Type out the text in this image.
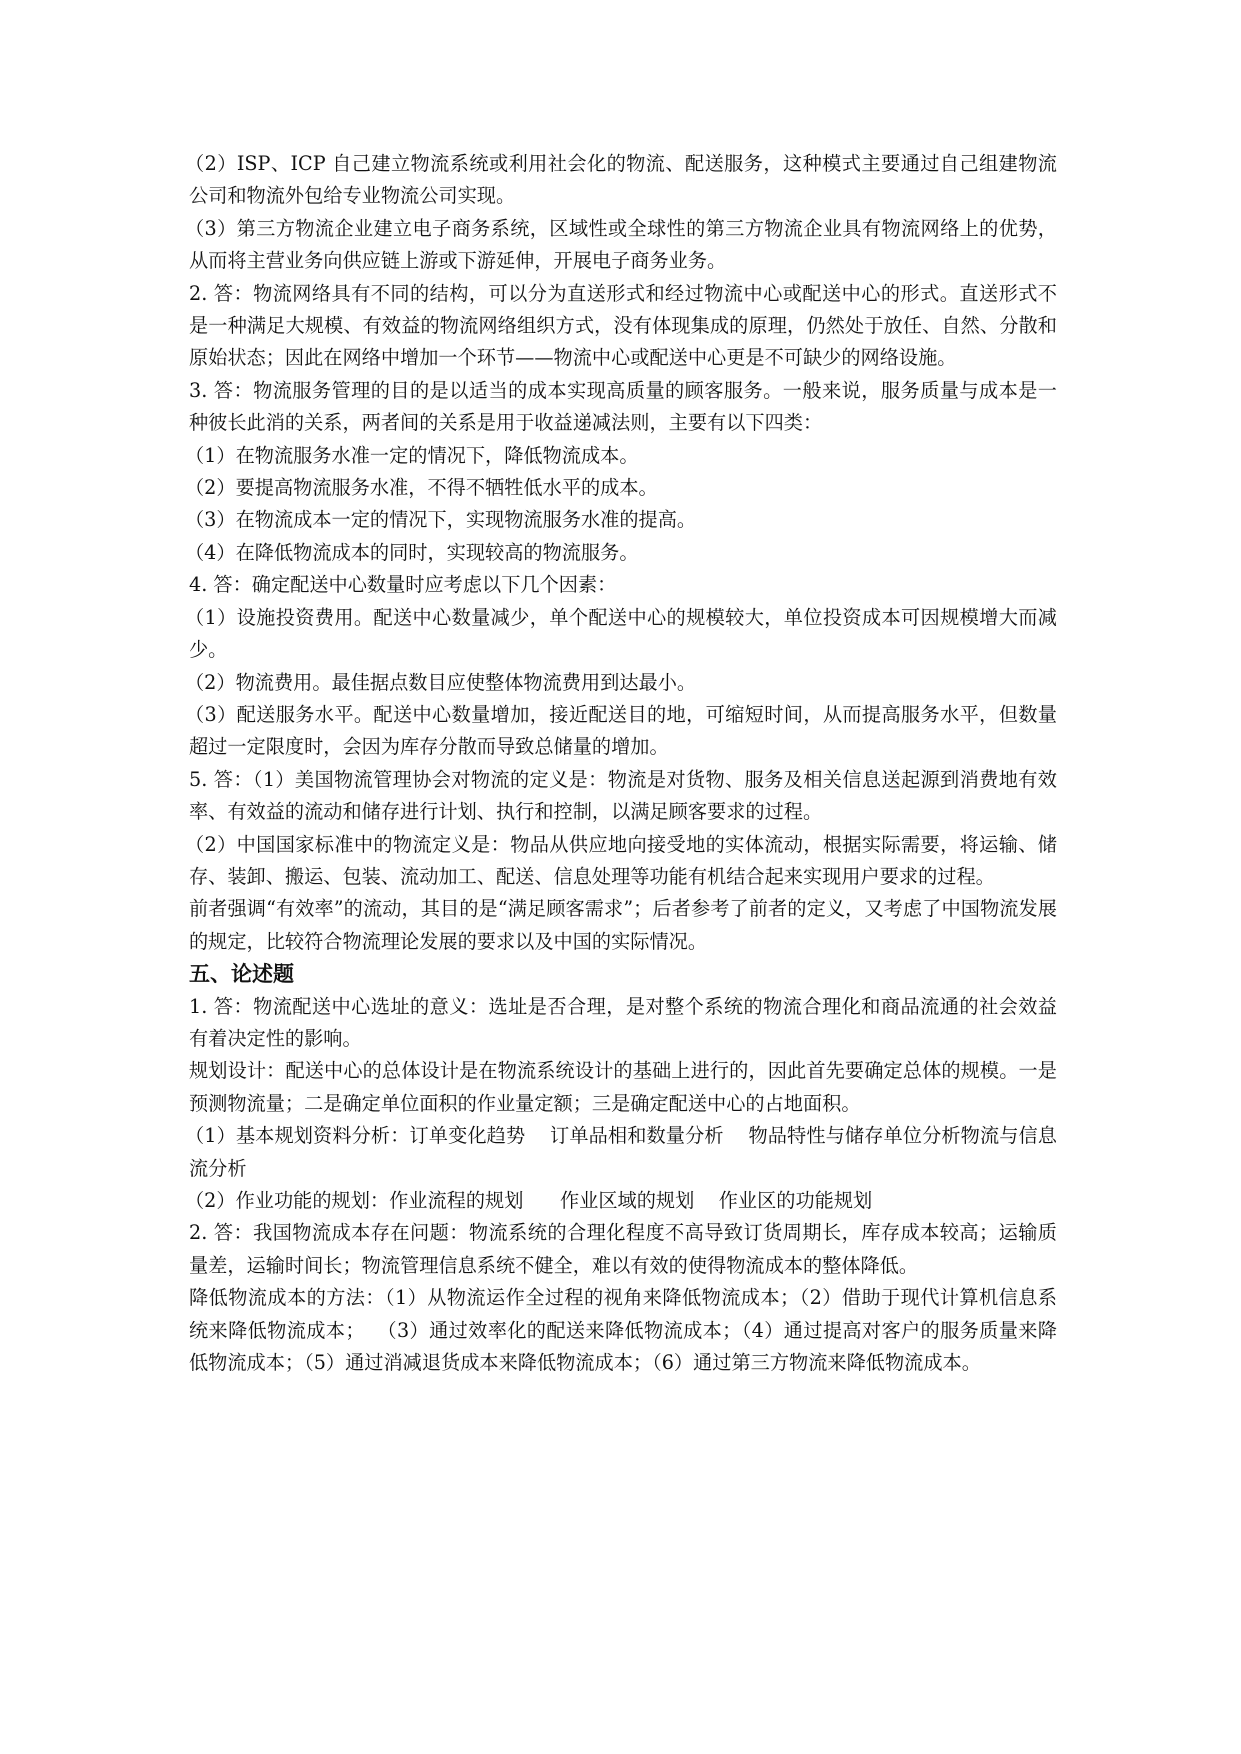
（2）ISP、ICP 自己建立物流系统或利用社会化的物流、配送服务，这种模式主要通过自己组建物流公司和物流外包给专业物流公司实现。

（3）第三方物流企业建立电子商务系统，区域性或全球性的第三方物流企业具有物流网络上的优势，从而将主营业务向供应链上游或下游延伸，开展电子商务业务。

2. 答：物流网络具有不同的结构，可以分为直送形式和经过物流中心或配送中心的形式。直送形式不是一种满足大规模、有效益的物流网络组织方式，没有体现集成的原理，仍然处于放任、自然、分散和原始状态；因此在网络中增加一个环节——物流中心或配送中心更是不可缺少的网络设施。

3. 答：物流服务管理的目的是以适当的成本实现高质量的顾客服务。一般来说，服务质量与成本是一种彼长此消的关系，两者间的关系是用于收益递减法则，主要有以下四类：

（1）在物流服务水准一定的情况下，降低物流成本。

（2）要提高物流服务水准，不得不牺牲低水平的成本。

（3）在物流成本一定的情况下，实现物流服务水准的提高。

（4）在降低物流成本的同时，实现较高的物流服务。

4. 答：确定配送中心数量时应考虑以下几个因素：

（1）设施投资费用。配送中心数量减少，单个配送中心的规模较大，单位投资成本可因规模增大而减少。

（2）物流费用。最佳据点数目应使整体物流费用到达最小。

（3）配送服务水平。配送中心数量增加，接近配送目的地，可缩短时间，从而提高服务水平，但数量超过一定限度时，会因为库存分散而导致总储量的增加。

5. 答：（1）美国物流管理协会对物流的定义是：物流是对货物、服务及相关信息送起源到消费地有效率、有效益的流动和储存进行计划、执行和控制，以满足顾客要求的过程。

（2）中国国家标准中的物流定义是：物品从供应地向接受地的实体流动，根据实际需要，将运输、储存、装卸、搬运、包装、流动加工、配送、信息处理等功能有机结合起来实现用户要求的过程。

前者强调“有效率”的流动，其目的是“满足顾客需求”；后者参考了前者的定义，又考虑了中国物流发展的规定，比较符合物流理论发展的要求以及中国的实际情况。

五、论述题

1. 答：物流配送中心选址的意义：选址是否合理，是对整个系统的物流合理化和商品流通的社会效益有着决定性的影响。

规划设计：配送中心的总体设计是在物流系统设计的基础上进行的，因此首先要确定总体的规模。一是预测物流量；二是确定单位面积的作业量定额；三是确定配送中心的占地面积。

（1）基本规划资料分析：订单变化趋势    订单品相和数量分析    物品特性与储存单位分析物流与信息流分析

（2）作业功能的规划：作业流程的规划      作业区域的规划    作业区的功能规划

2. 答：我国物流成本存在问题：物流系统的合理化程度不高导致订货周期长，库存成本较高；运输质量差，运输时间长；物流管理信息系统不健全，难以有效的使得物流成本的整体降低。

降低物流成本的方法：（1）从物流运作全过程的视角来降低物流成本；（2）借助于现代计算机信息系统来降低物流成本；  （3）通过效率化的配送来降低物流成本；（4）通过提高对客户的服务质量来降低物流成本；（5）通过消减退货成本来降低物流成本；（6）通过第三方物流来降低物流成本。
